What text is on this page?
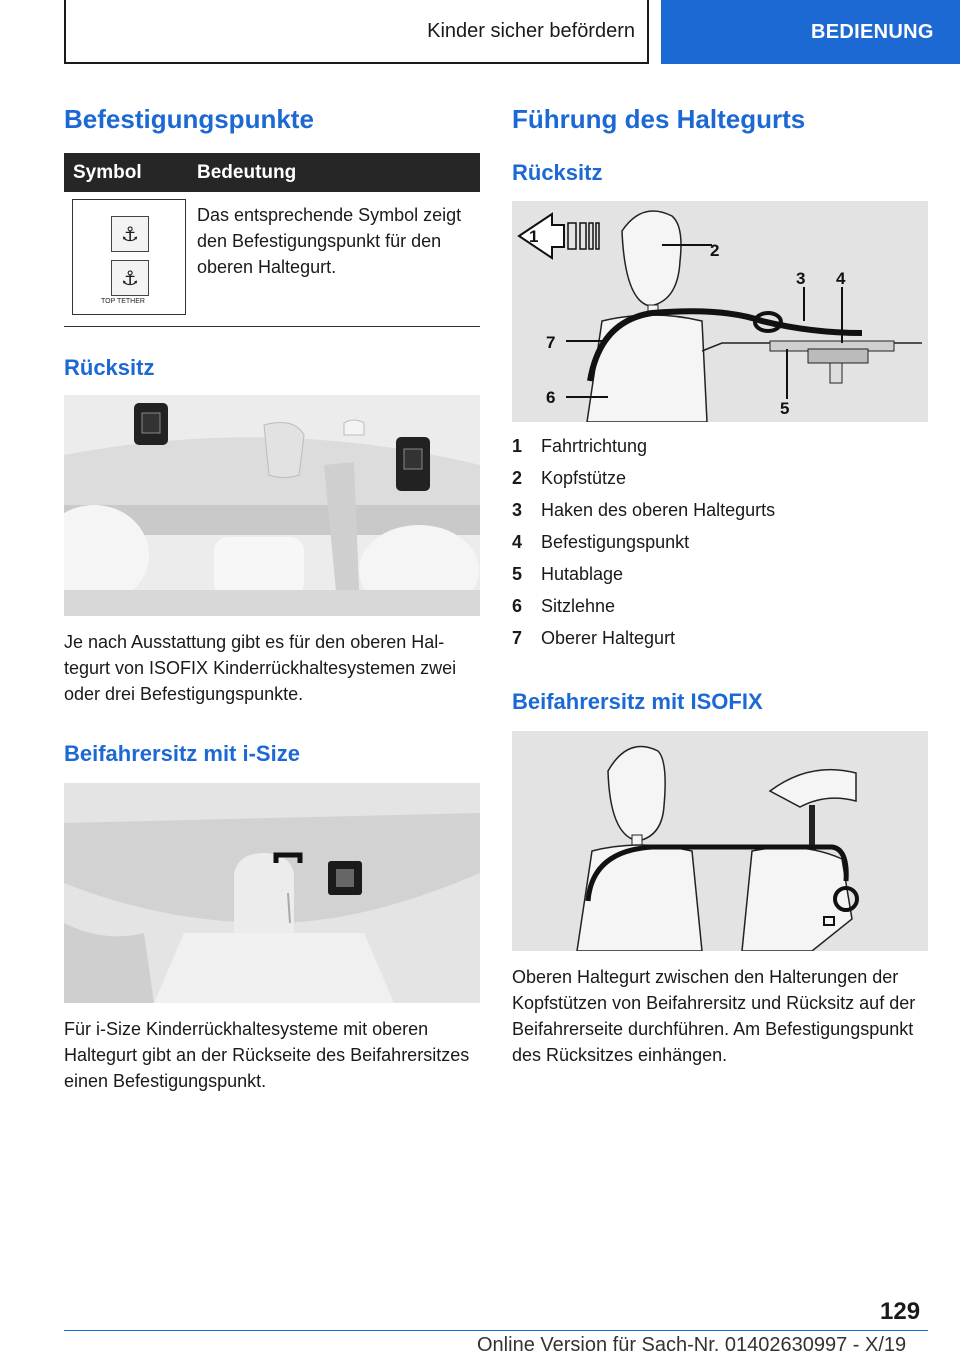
Kinder sicher befördern	BEDIENUNG
Befestigungspunkte
Symbol	Bedeutung
⚓
⚓
TOP TETHER
Das entsprechende Symbol zeigt den Befestigungspunkt für den oberen Haltegurt.
Rücksitz
Je nach Ausstattung gibt es für den oberen Haltegurt von ISOFIX Kinderrückhaltesystemen zwei oder drei Befestigungspunkte.
Beifahrersitz mit i-Size
Für i-Size Kinderrückhaltesysteme mit oberen Haltegurt gibt an der Rückseite des Beifahrersitzes einen Befestigungspunkt.
Führung des Haltegurts
Rücksitz
1
2
3 4
5
6
7
1 Fahrtrichtung
2 Kopfstütze
3 Haken des oberen Haltegurts
4 Befestigungspunkt
5 Hutablage
6 Sitzlehne
7 Oberer Haltegurt
Beifahrersitz mit ISOFIX
Oberen Haltegurt zwischen den Halterungen der Kopfstützen von Beifahrersitz und Rücksitz auf der Beifahrerseite durchführen. Am Befestigungspunkt des Rücksitzes einhängen.
129
Online Version für Sach-Nr. 01402630997 - X/19
